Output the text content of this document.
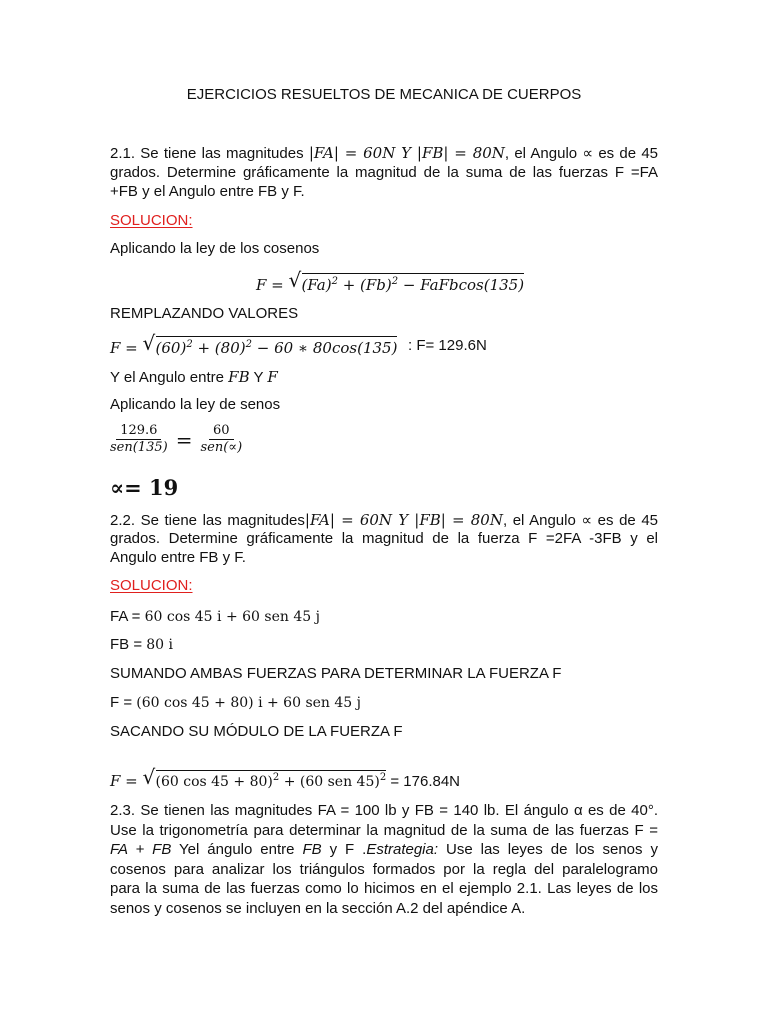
EJERCICIOS RESUELTOS DE MECANICA DE CUERPOS
2.1. Se tiene las magnitudes |FA| = 60N Y |FB| = 80N, el Angulo ∝ es de 45
grados. Determine gráficamente la magnitud de la suma de las fuerzas F =FA
+FB y el Angulo entre FB y F.
SOLUCION:
Aplicando la ley de los cosenos
F = √ $(Fa)^2 + (Fb)^2$ − FaFbcos(135)
REMPLAZANDO VALORES
F = √ $(60)^2 + (80)^2 - 60$ ∗ 80cos(135) : F= 129.6N
Y el Angulo entre FB Y F
Aplicando la ley de senos
$\frac{129.6}{\text{sen(135)}} = \frac{60}{\text{sen(∝)}}$
∝= 19
2.2. Se tiene las magnitudes|FA| = 60N Y |FB| = 80N, el Angulo ∝ es de 45
grados. Determine gráficamente la magnitud de la fuerza F =2FA -3FB y el
Angulo entre FB y F.
SOLUCION:
FA = 60 cos 45 i + 60 sen 45 j
FB = 80 i
SUMANDO AMBAS FUERZAS PARA DETERMINAR LA FUERZA F
F = (60 cos 45 + 80) i + 60 sen 45 j
SACANDO SU MÓDULO DE LA FUERZA F
F = √ (60 cos 45 + 80)$^2$ + (60 sen 45)$^2$ = 176.84N
2.3. Se tienen las magnitudes FA = 100 lb y FB = 140 lb. El ángulo α es de 40°.
Use la trigonometría para determinar la magnitud de la suma de las fuerzas F =
FA + FB Yel ángulo entre FB y F .Estrategia: Use las leyes de los senos y
cosenos para analizar los triángulos formados por la regla del paralelogramo
para la suma de las fuerzas como lo hicimos en el ejemplo 2.1. Las leyes de los
senos y cosenos se incluyen en la sección A.2 del apéndice A.
